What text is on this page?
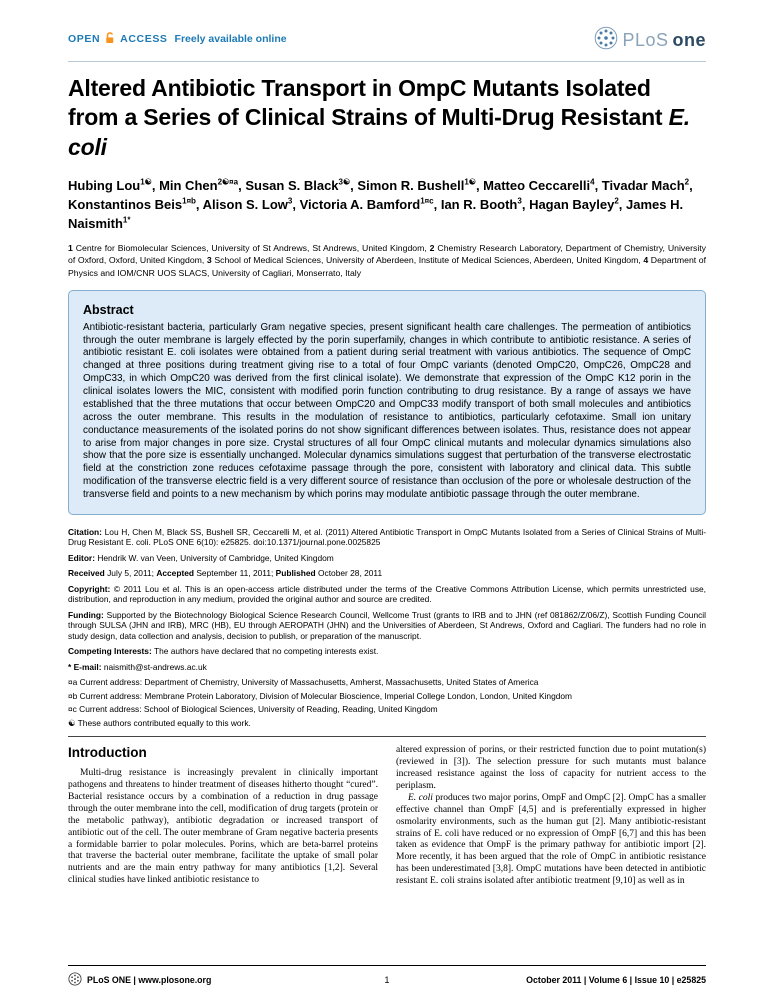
OPEN ACCESS Freely available online	PLoS one
Altered Antibiotic Transport in OmpC Mutants Isolated from a Series of Clinical Strains of Multi-Drug Resistant E. coli

Hubing Lou$^{1☯}$, Min Chen$^{2☯¤a}$, Susan S. Black$^{3☯}$, Simon R. Bushell$^{1☯}$, Matteo Ceccarelli$^4$, Tivadar Mach$^2$, Konstantinos Beis$^{1¤b}$, Alison S. Low$^3$, Victoria A. Bamford$^{1¤c}$, Ian R. Booth$^3$, Hagan Bayley$^2$, James H. Naismith$^{1*}$

1 Centre for Biomolecular Sciences, University of St Andrews, St Andrews, United Kingdom, 2 Chemistry Research Laboratory, Department of Chemistry, University of Oxford, Oxford, United Kingdom, 3 School of Medical Sciences, University of Aberdeen, Institute of Medical Sciences, Aberdeen, United Kingdom, 4 Department of Physics and IOM/CNR UOS SLACS, University of Cagliari, Monserrato, Italy

Abstract

Antibiotic-resistant bacteria, particularly Gram negative species, present significant health care challenges. The permeation of antibiotics through the outer membrane is largely effected by the porin superfamily, changes in which contribute to antibiotic resistance. A series of antibiotic resistant E. coli isolates were obtained from a patient during serial treatment with various antibiotics. The sequence of OmpC changed at three positions during treatment giving rise to a total of four OmpC variants (denoted OmpC20, OmpC26, OmpC28 and OmpC33, in which OmpC20 was derived from the first clinical isolate). We demonstrate that expression of the OmpC K12 porin in the clinical isolates lowers the MIC, consistent with modified porin function contributing to drug resistance. By a range of assays we have established that the three mutations that occur between OmpC20 and OmpC33 modify transport of both small molecules and antibiotics across the outer membrane. This results in the modulation of resistance to antibiotics, particularly cefotaxime. Small ion unitary conductance measurements of the isolated porins do not show significant differences between isolates. Thus, resistance does not appear to arise from major changes in pore size. Crystal structures of all four OmpC clinical mutants and molecular dynamics simulations also show that the pore size is essentially unchanged. Molecular dynamics simulations suggest that perturbation of the transverse electrostatic field at the constriction zone reduces cefotaxime passage through the pore, consistent with laboratory and clinical data. This subtle modification of the transverse electric field is a very different source of resistance than occlusion of the pore or wholesale destruction of the transverse field and points to a new mechanism by which porins may modulate antibiotic passage through the outer membrane.

Citation: Lou H, Chen M, Black SS, Bushell SR, Ceccarelli M, et al. (2011) Altered Antibiotic Transport in OmpC Mutants Isolated from a Series of Clinical Strains of Multi-Drug Resistant E. coli. PLoS ONE 6(10): e25825. doi:10.1371/journal.pone.0025825

Editor: Hendrik W. van Veen, University of Cambridge, United Kingdom

Received July 5, 2011; Accepted September 11, 2011; Published October 28, 2011

Copyright: © 2011 Lou et al. This is an open-access article distributed under the terms of the Creative Commons Attribution License, which permits unrestricted use, distribution, and reproduction in any medium, provided the original author and source are credited.

Funding: Supported by the Biotechnology Biological Science Research Council, Wellcome Trust (grants to IRB and to JHN (ref 081862/Z/06/Z), Scottish Funding Council through SULSA (JHN and IRB), MRC (HB), EU through AEROPATH (JHN) and the Universities of Aberdeen, St Andrews, Oxford and Cagliari. The funders had no role in study design, data collection and analysis, decision to publish, or preparation of the manuscript.

Competing Interests: The authors have declared that no competing interests exist.

* E-mail: naismith@st-andrews.ac.uk

¤a Current address: Department of Chemistry, University of Massachusetts, Amherst, Massachusetts, United States of America

¤b Current address: Membrane Protein Laboratory, Division of Molecular Bioscience, Imperial College London, London, United Kingdom

¤c Current address: School of Biological Sciences, University of Reading, Reading, United Kingdom

☯ These authors contributed equally to this work.

Introduction

Multi-drug resistance is increasingly prevalent in clinically important pathogens and threatens to hinder treatment of diseases hitherto thought “cured”. Bacterial resistance occurs by a combination of a reduction in drug passage through the outer membrane into the cell, modification of drug targets (protein or the metabolic pathway), antibiotic degradation or increased transport of antibiotic out of the cell. The outer membrane of Gram negative bacteria presents a formidable barrier to polar molecules. Porins, which are beta-barrel proteins that traverse the bacterial outer membrane, facilitate the uptake of small polar nutrients and are the main entry pathway for many antibiotics [1,2]. Several clinical studies have linked antibiotic resistance to

altered expression of porins, or their restricted function due to point mutation(s) (reviewed in [3]). The selection pressure for such mutants must balance increased resistance against the loss of capacity for nutrient access to the periplasm.

E. coli produces two major porins, OmpF and OmpC [2]. OmpC has a smaller effective channel than OmpF [4,5] and is preferentially expressed in higher osmolarity environments, such as the human gut [2]. Many antibiotic-resistant strains of E. coli have reduced or no expression of OmpF [6,7] and this has been taken as evidence that OmpF is the primary pathway for antibiotic import [2]. More recently, it has been argued that the role of OmpC in antibiotic resistance has been underestimated [3,8]. OmpC mutations have been detected in antibiotic resistant E. coli strains isolated after antibiotic treatment [9,10] as well as in

PLoS ONE | www.plosone.org	1	October 2011 | Volume 6 | Issue 10 | e25825
